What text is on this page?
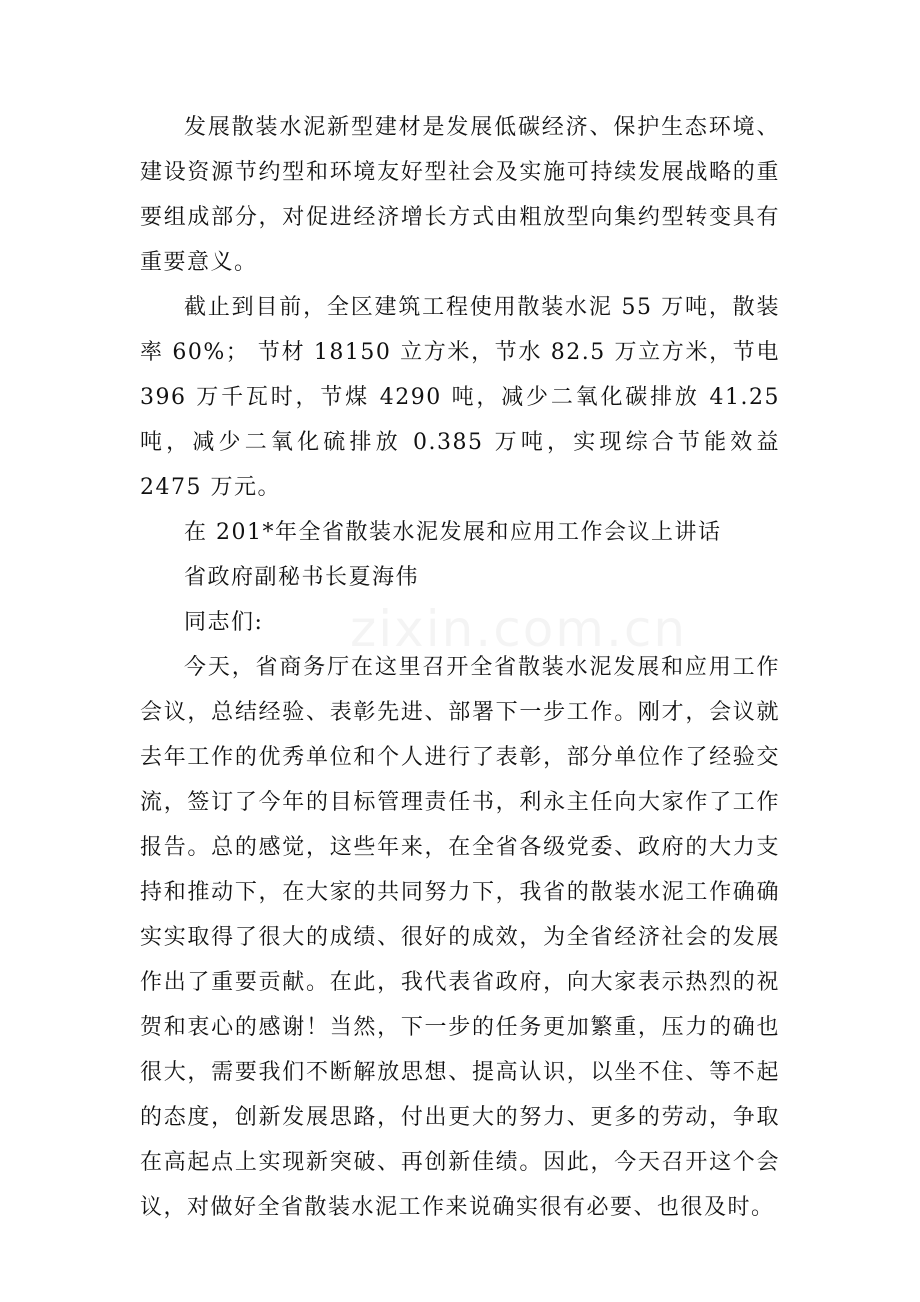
发展散装水泥新型建材是发展低碳经济、保护生态环境、建设资源节约型和环境友好型社会及实施可持续发展战略的重要组成部分，对促进经济增长方式由粗放型向集约型转变具有重要意义。

截止到目前，全区建筑工程使用散装水泥 55 万吨，散装率 60%； 节材 18150 立方米，节水 82.5 万立方米，节电 396 万千瓦时，节煤 4290 吨，减少二氧化碳排放 41.25 吨，减少二氧化硫排放 0.385 万吨，实现综合节能效益 2475 万元。

在 201*年全省散装水泥发展和应用工作会议上讲话

省政府副秘书长夏海伟

同志们:

今天，省商务厅在这里召开全省散装水泥发展和应用工作会议，总结经验、表彰先进、部署下一步工作。刚才，会议就去年工作的优秀单位和个人进行了表彰，部分单位作了经验交流，签订了今年的目标管理责任书，利永主任向大家作了工作报告。总的感觉，这些年来，在全省各级党委、政府的大力支持和推动下，在大家的共同努力下，我省的散装水泥工作确确实实取得了很大的成绩、很好的成效，为全省经济社会的发展作出了重要贡献。在此，我代表省政府，向大家表示热烈的祝贺和衷心的感谢！当然，下一步的任务更加繁重，压力的确也很大，需要我们不断解放思想、提高认识，以坐不住、等不起的态度，创新发展思路，付出更大的努力、更多的劳动，争取在高起点上实现新突破、再创新佳绩。因此，今天召开这个会议，对做好全省散装水泥工作来说确实很有必要、也很及时。
